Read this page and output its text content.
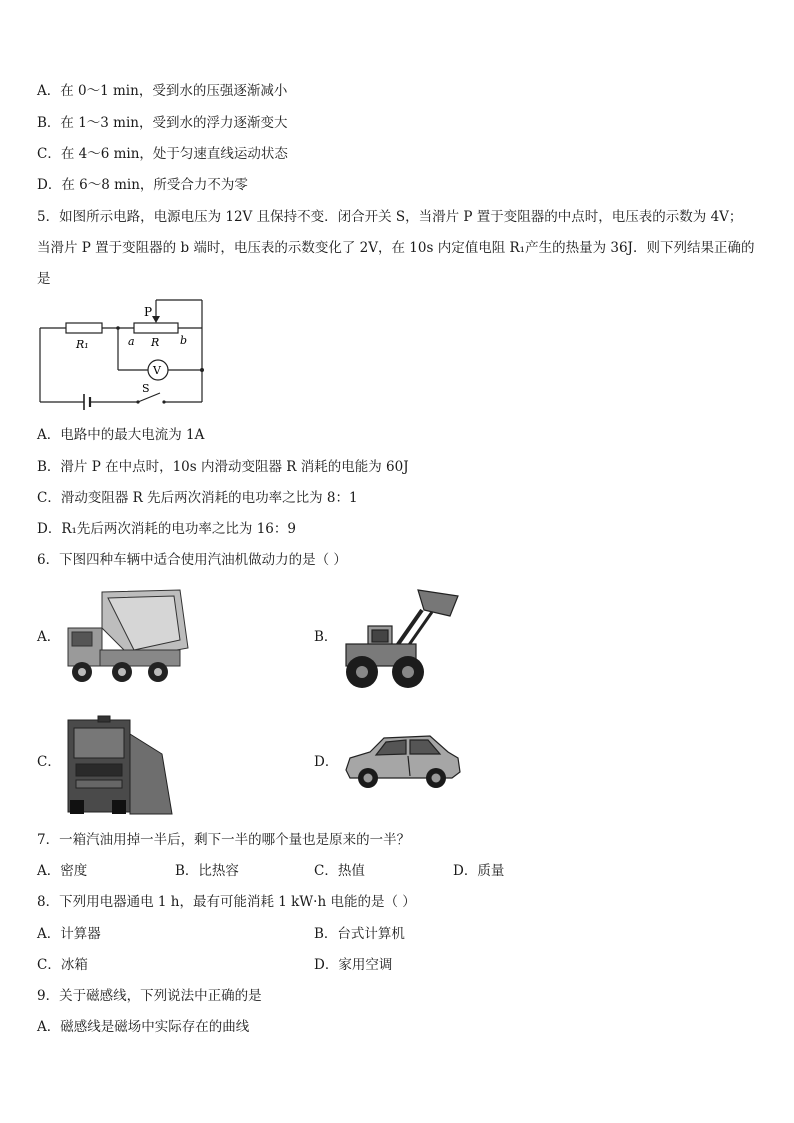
A．在 0～1 min，受到水的压强逐渐减小
B．在 1～3 min，受到水的浮力逐渐变大
C．在 4～6 min，处于匀速直线运动状态
D．在 6～8 min，所受合力不为零
5．如图所示电路，电源电压为 12V 且保持不变．闭合开关 S，当滑片 P 置于变阻器的中点时，电压表的示数为 4V；
当滑片 P 置于变阻器的 b 端时，电压表的示数变化了 2V，在 10s 内定值电阻 R₁产生的热量为 36J．则下列结果正确的
是
P
R₁	a R b
V
S
A．电路中的最大电流为 1A
B．滑片 P 在中点时，10s 内滑动变阻器 R 消耗的电能为 60J
C．滑动变阻器 R 先后两次消耗的电功率之比为 8：1
D．R₁先后两次消耗的电功率之比为 16：9
6．下图四种车辆中适合使用汽油机做动力的是（ ）
A．	B．
C．	D．
7．一箱汽油用掉一半后，剩下一半的哪个量也是原来的一半？
A．密度	B．比热容	C．热值	D．质量
8．下列用电器通电 1 h，最有可能消耗 1 kW·h 电能的是（ ）
A．计算器	B．台式计算机
C．冰箱	D．家用空调
9．关于磁感线，下列说法中正确的是
A．磁感线是磁场中实际存在的曲线
